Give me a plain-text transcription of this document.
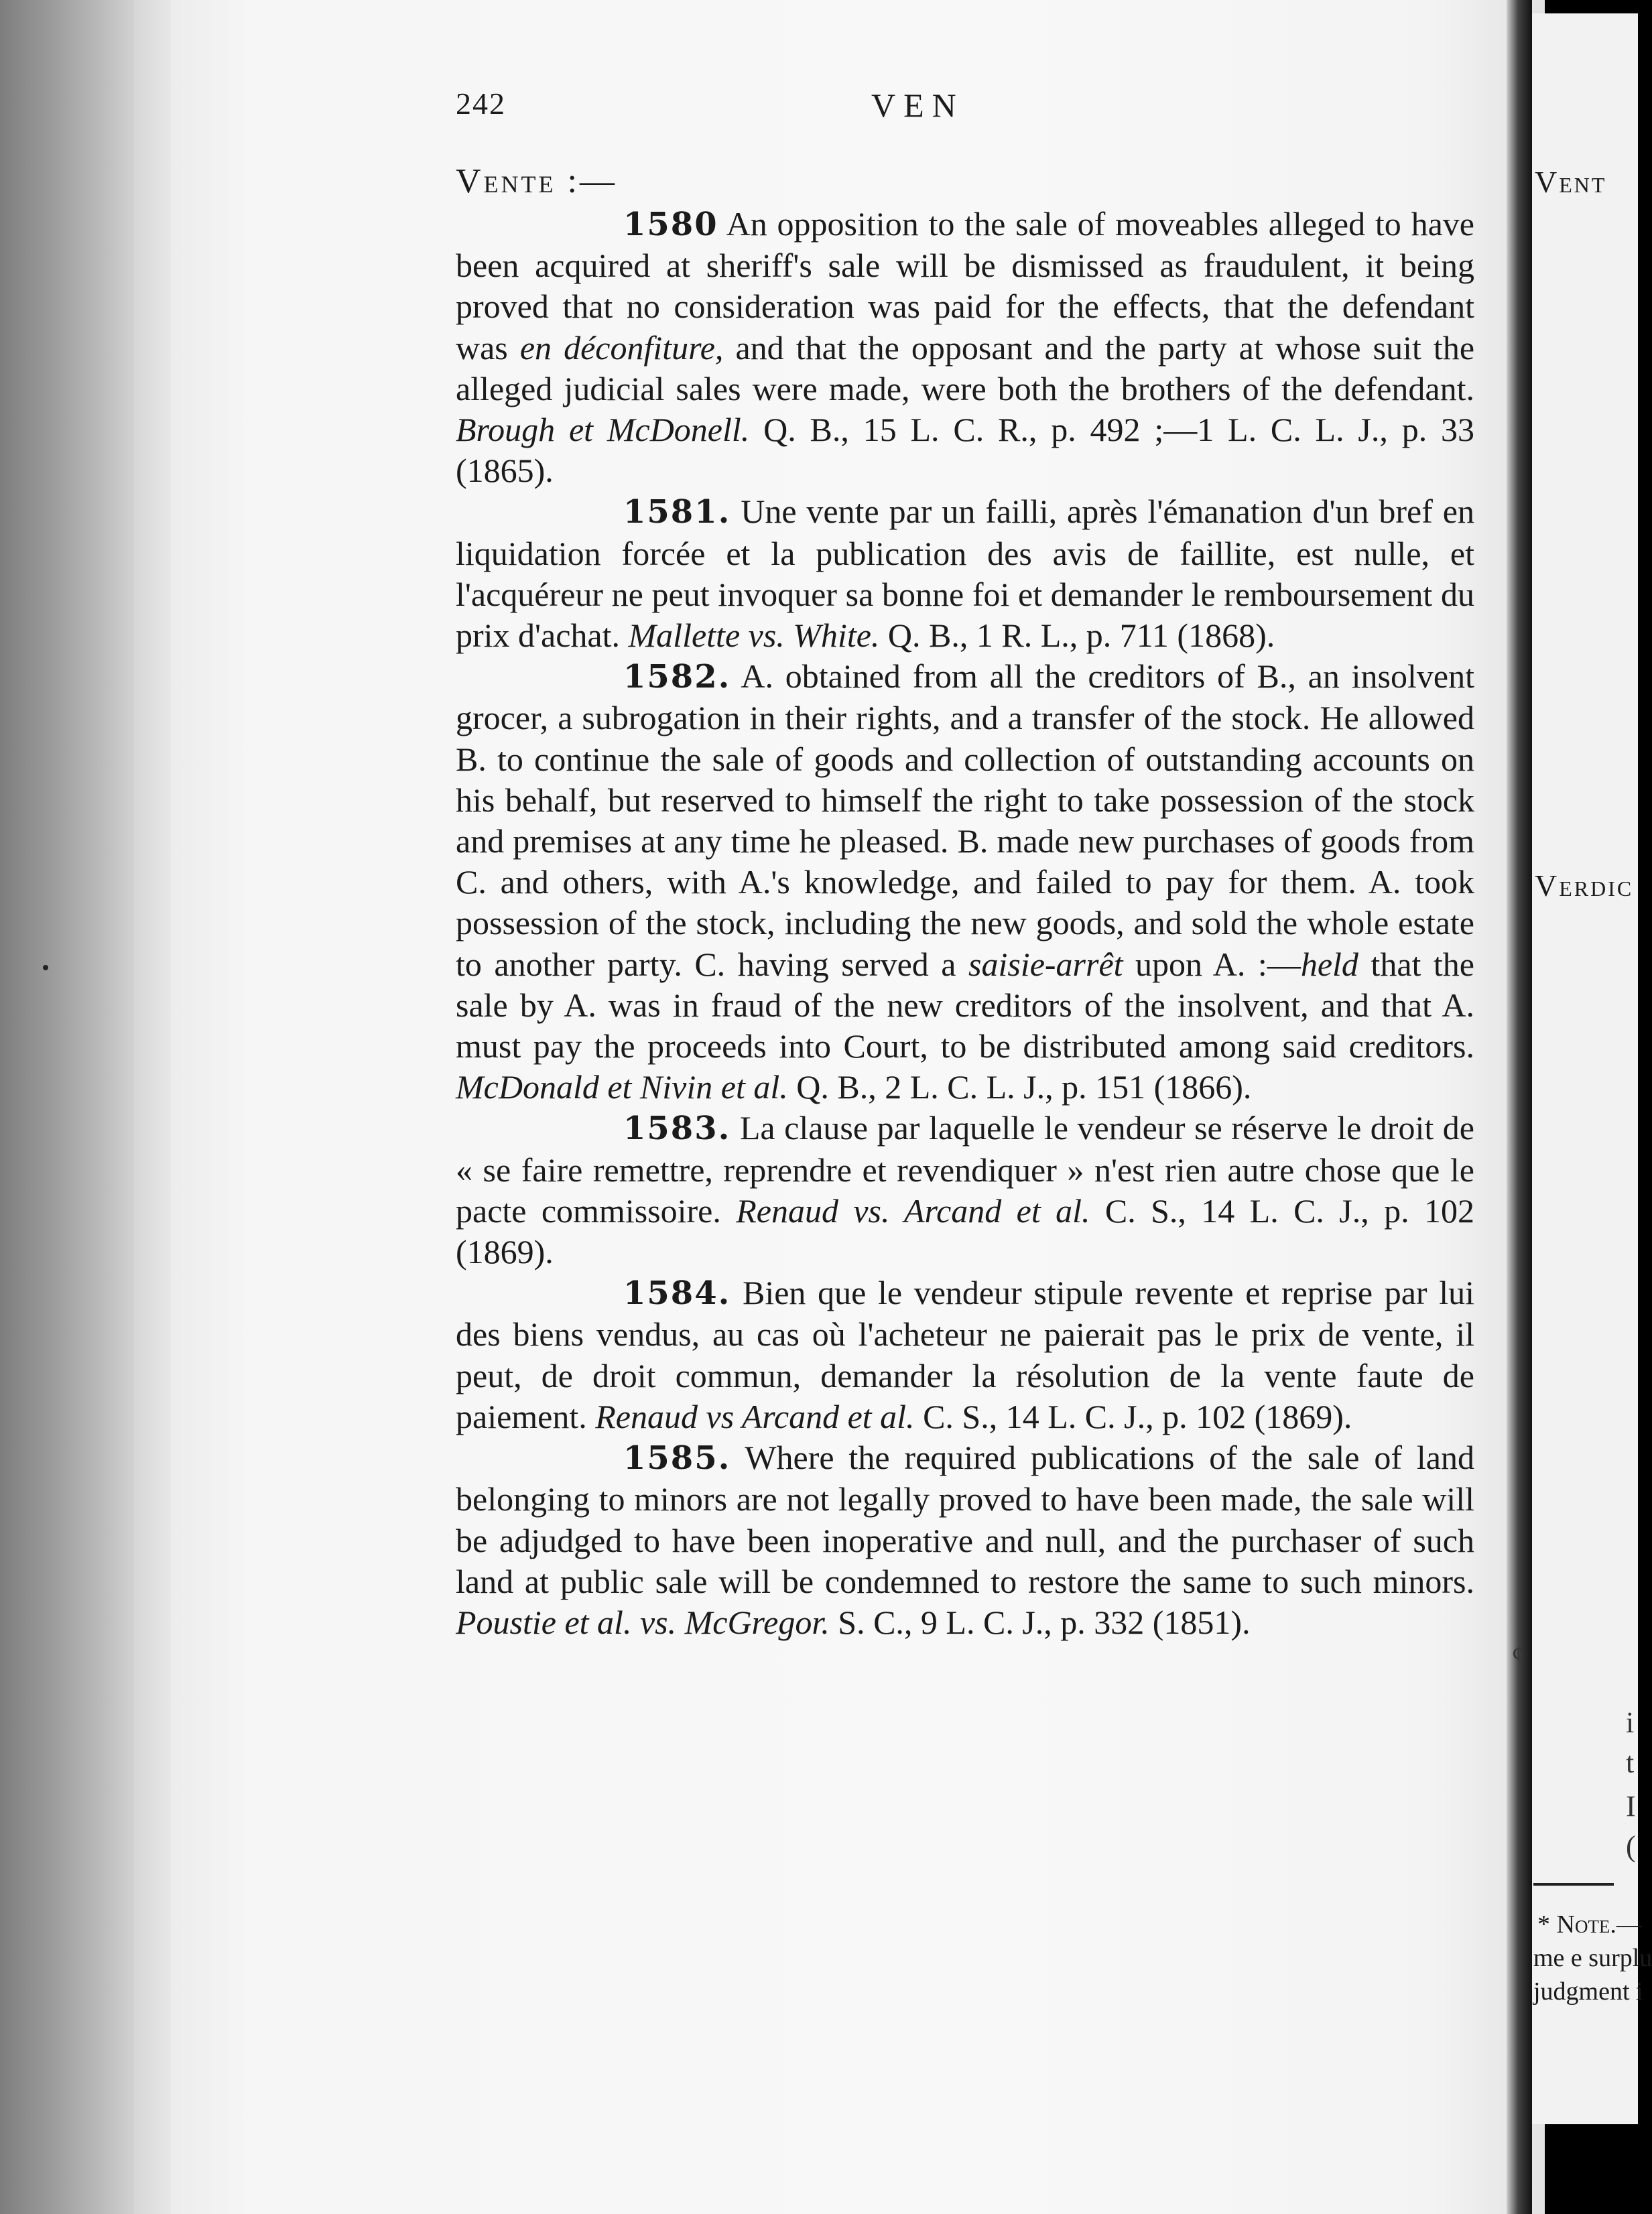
242	VEN
Vente :—

1580 An opposition to the sale of moveables alleged to have been acquired at sheriff's sale will be dismissed as fraudulent, it being proved that no consideration was paid for the effects, that the defendant was en déconfiture, and that the opposant and the party at whose suit the alleged judicial sales were made, were both the brothers of the defendant. Brough et McDonell. Q. B., 15 L. C. R., p. 492 ;—1 L. C. L. J., p. 33 (1865).

1581. Une vente par un failli, après l'émanation d'un bref en liquidation forcée et la publication des avis de faillite, est nulle, et l'acquéreur ne peut invoquer sa bonne foi et demander le remboursement du prix d'achat. Mallette vs. White. Q. B., 1 R. L., p. 711 (1868).

1582. A. obtained from all the creditors of B., an insolvent grocer, a subrogation in their rights, and a transfer of the stock. He allowed B. to continue the sale of goods and collection of outstanding accounts on his behalf, but reserved to himself the right to take possession of the stock and premises at any time he pleased. B. made new purchases of goods from C. and others, with A.'s knowledge, and failed to pay for them. A. took possession of the stock, including the new goods, and sold the whole estate to another party. C. having served a saisie-arrêt upon A. :—held that the sale by A. was in fraud of the new creditors of the insolvent, and that A. must pay the proceeds into Court, to be distributed among said creditors. McDonald et Nivin et al. Q. B., 2 L. C. L. J., p. 151 (1866).

1583. La clause par laquelle le vendeur se réserve le droit de « se faire remettre, reprendre et revendiquer » n'est rien autre chose que le pacte commissoire. Renaud vs. Arcand et al. C. S., 14 L. C. J., p. 102 (1869).

1584. Bien que le vendeur stipule revente et reprise par lui des biens vendus, au cas où l'acheteur ne paierait pas le prix de vente, il peut, de droit commun, demander la résolution de la vente faute de paiement. Renaud vs Arcand et al. C. S., 14 L. C. J., p. 102 (1869).

1585. Where the required publications of the sale of land belonging to minors are not legally proved to have been made, the sale will be adjudged to have been inoperative and null, and the purchaser of such land at public sale will be condemned to restore the same to such minors. Poustie et al. vs. McGregor. S. C., 9 L. C. J., p. 332 (1851).

Vent
Verdic
i
t
I
(
¢
* Note.—
me e surplu
judgment i
